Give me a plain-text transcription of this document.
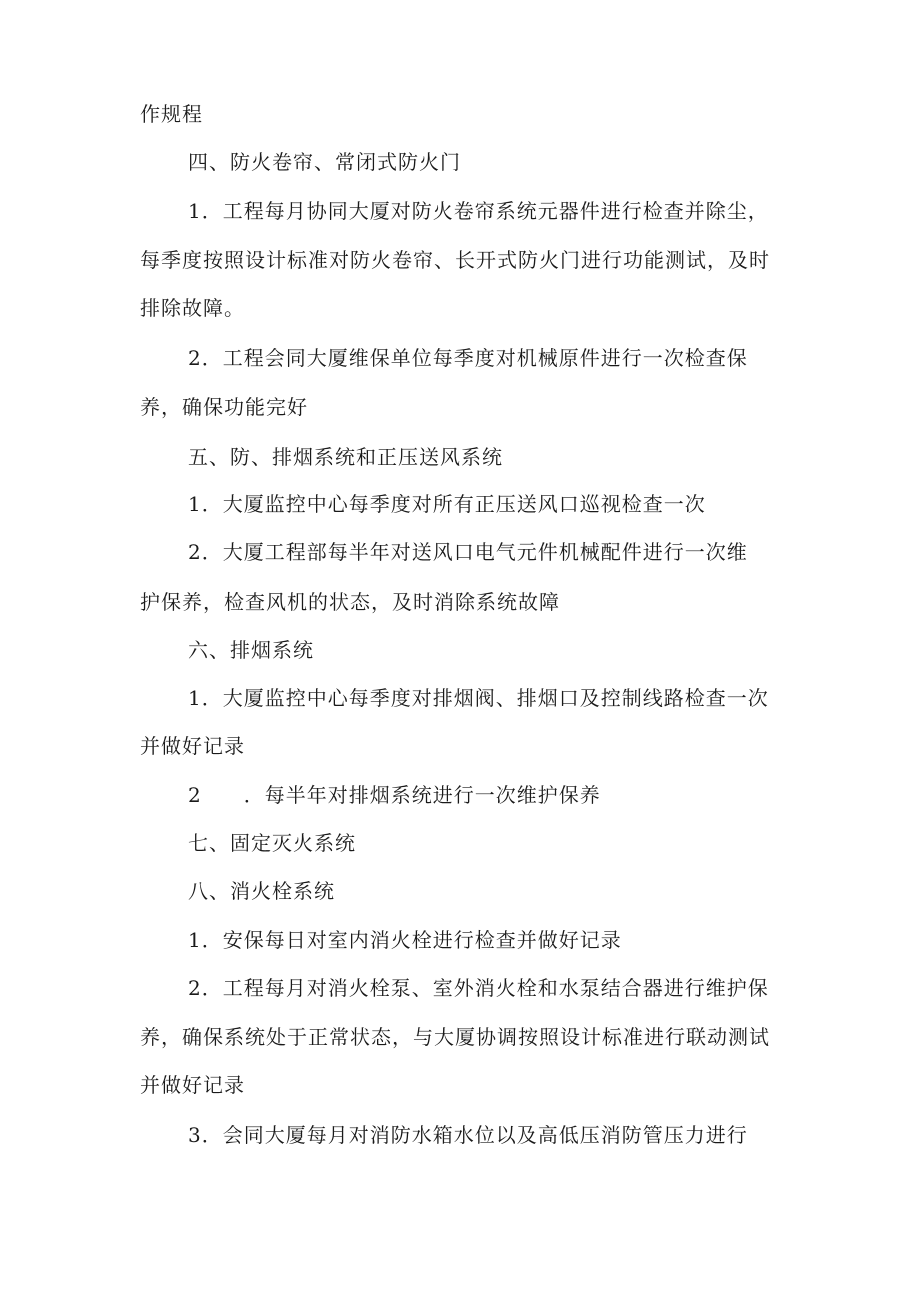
作规程
四、防火卷帘、常闭式防火门
1．工程每月协同大厦对防火卷帘系统元器件进行检查并除尘，
每季度按照设计标准对防火卷帘、长开式防火门进行功能测试，及时
排除故障。
2．工程会同大厦维保单位每季度对机械原件进行一次检查保
养，确保功能完好
五、防、排烟系统和正压送风系统
1．大厦监控中心每季度对所有正压送风口巡视检查一次
2．大厦工程部每半年对送风口电气元件机械配件进行一次维
护保养，检查风机的状态，及时消除系统故障
六、排烟系统
1．大厦监控中心每季度对排烟阀、排烟口及控制线路检查一次
并做好记录
2　　．每半年对排烟系统进行一次维护保养
七、固定灭火系统
八、消火栓系统
1．安保每日对室内消火栓进行检查并做好记录
2．工程每月对消火栓泵、室外消火栓和水泵结合器进行维护保
养，确保系统处于正常状态，与大厦协调按照设计标准进行联动测试
并做好记录
3．会同大厦每月对消防水箱水位以及高低压消防管压力进行
